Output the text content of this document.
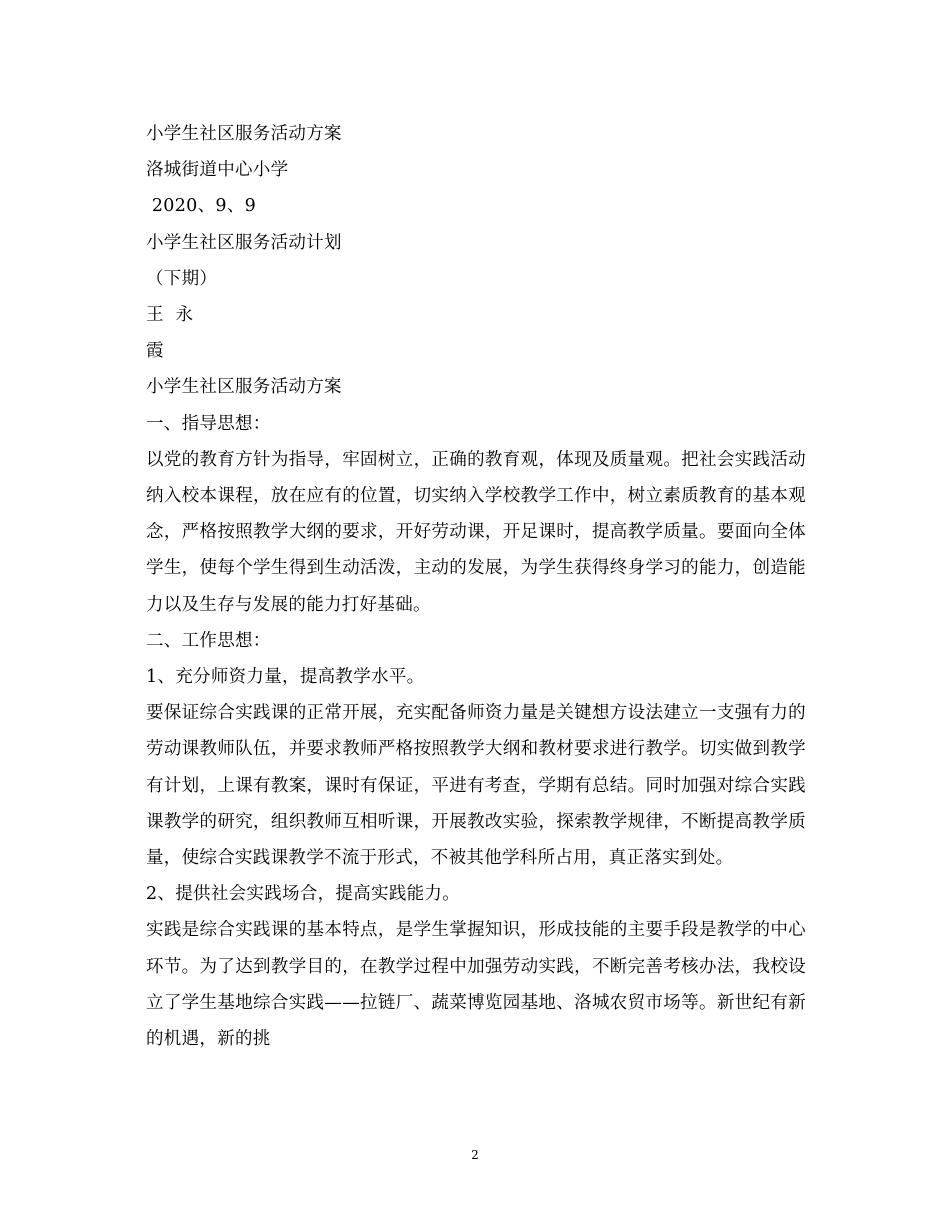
小学生社区服务活动方案
洛城街道中心小学
2020、9、9
小学生社区服务活动计划
（下期）
王  永
霞
小学生社区服务活动方案
一、指导思想：
以党的教育方针为指导，牢固树立，正确的教育观，体现及质量观。把社会实践活动纳入校本课程，放在应有的位置，切实纳入学校教学工作中，树立素质教育的基本观念，严格按照教学大纲的要求，开好劳动课，开足课时，提高教学质量。要面向全体学生，使每个学生得到生动活泼，主动的发展，为学生获得终身学习的能力，创造能力以及生存与发展的能力打好基础。
二、工作思想：
1、充分师资力量，提高教学水平。
要保证综合实践课的正常开展，充实配备师资力量是关键想方设法建立一支强有力的劳动课教师队伍，并要求教师严格按照教学大纲和教材要求进行教学。切实做到教学有计划，上课有教案，课时有保证，平进有考查，学期有总结。同时加强对综合实践课教学的研究，组织教师互相听课，开展教改实验，探索教学规律，不断提高教学质量，使综合实践课教学不流于形式，不被其他学科所占用，真正落实到处。
2、提供社会实践场合，提高实践能力。
实践是综合实践课的基本特点，是学生掌握知识，形成技能的主要手段是教学的中心环节。为了达到教学目的，在教学过程中加强劳动实践，不断完善考核办法，我校设立了学生基地综合实践——拉链厂、蔬菜博览园基地、洛城农贸市场等。新世纪有新的机遇，新的挑
2
